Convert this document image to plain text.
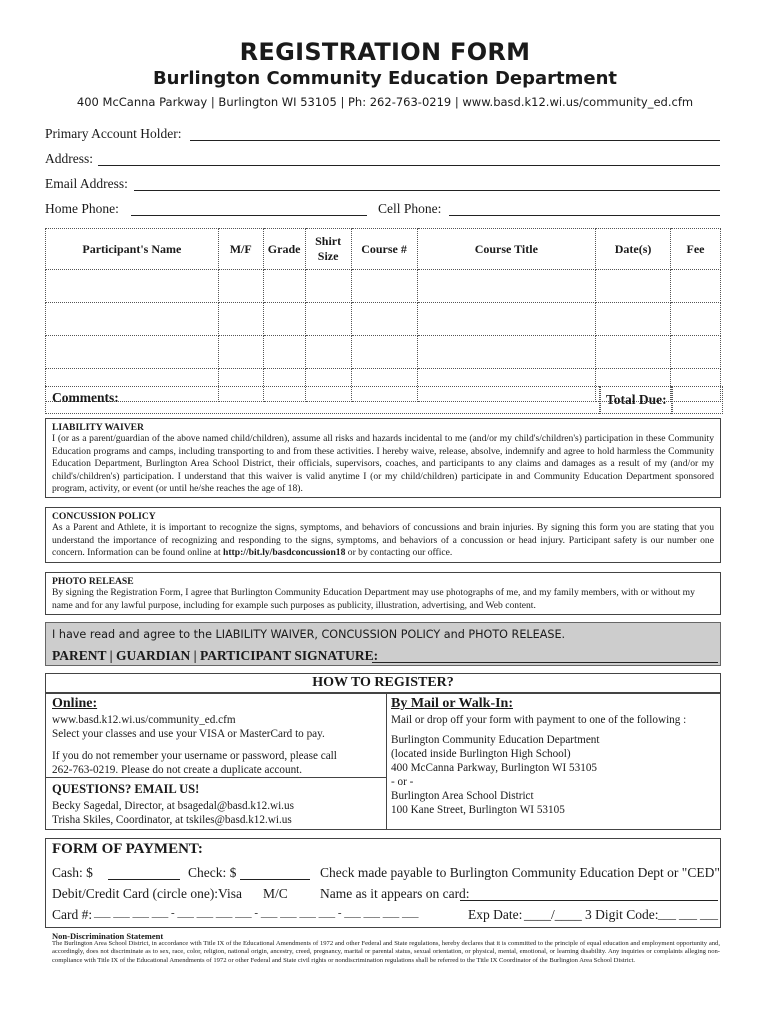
REGISTRATION FORM
Burlington Community Education Department
400 McCanna Parkway | Burlington WI 53105 | Ph: 262-763-0219 | www.basd.k12.wi.us/community_ed.cfm
Primary Account Holder:
Address:
Email Address:
Home Phone:	Cell Phone:
Participant's Name	M/F	Grade	Shirt Size	Course #	Course Title	Date(s)	Fee

Comments:	Total Due:
LIABILITY WAIVER
I (or as a parent/guardian of the above named child/children), assume all risks and hazards incidental to me (and/or my child's/children's) participation in these Community Education programs and camps, including transporting to and from these activities. I hereby waive, release, absolve, indemnify and agree to hold harmless the Community Education Department, Burlington Area School District, their officials, supervisors, coaches, and participants to any claims and damages as a result of my (and/or my child's/children's) participation. I understand that this waiver is valid anytime I (or my child/children) participate in and Community Education Department sponsored program, activity, or event (or until he/she reaches the age of 18).
CONCUSSION POLICY
As a Parent and Athlete, it is important to recognize the signs, symptoms, and behaviors of concussions and brain injuries. By signing this form you are stating that you understand the importance of recognizing and responding to the signs, symptoms, and behaviors of a concussion or head injury. Participant safety is our number one concern. Information can be found online at http://bit.ly/basdconcussion18 or by contacting our office.
PHOTO RELEASE
By signing the Registration Form, I agree that Burlington Community Education Department may use photographs of me, and my family members, with or without my name and for any lawful purpose, including for example such purposes as publicity, illustration, advertising, and Web content.
I have read and agree to the LIABILITY WAIVER, CONCUSSION POLICY and PHOTO RELEASE.
PARENT | GUARDIAN | PARTICIPANT SIGNATURE:
HOW TO REGISTER?
Online:
www.basd.k12.wi.us/community_ed.cfm
Select your classes and use your VISA or MasterCard to pay.
If you do not remember your username or password, please call
262-763-0219. Please do not create a duplicate account.
QUESTIONS? EMAIL US!
Becky Sagedal, Director, at bsagedal@basd.k12.wi.us
Trisha Skiles, Coordinator, at tskiles@basd.k12.wi.us
By Mail or Walk-In:
Mail or drop off your form with payment to one of the following :
Burlington Community Education Department
(located inside Burlington High School)
400 McCanna Parkway, Burlington WI 53105
- or -
Burlington Area School District
100 Kane Street, Burlington WI 53105
FORM OF PAYMENT:
Cash: $	Check: $	Check made payable to Burlington Community Education Dept or "CED"
Debit/Credit Card (circle one): Visa M/C Name as it appears on card:
Card #: ___ ___ ___ ___ - ___ ___ ___ ___ - ___ ___ ___ ___ - ___ ___ ___ ___	Exp Date: ____/____ 3 Digit Code: ___ ___ ___
Non-Discrimination Statement
The Burlington Area School District, in accordance with Title IX of the Educational Amendments of 1972 and other Federal and State regulations, hereby declares that it is committed to the principle of equal education and employment opportunity and, accordingly, does not discriminate as to sex, race, color, religion, national origin, ancestry, creed, pregnancy, marital or parental status, sexual orientation, or physical, mental, emotional, or learning disability. Any inquiries or complaints alleging non-compliance with Title IX of the Educational Amendments of 1972 or other Federal and State civil rights or nondiscrimination regulations shall be referred to the Title IX Coordinator of the Burlington Area School District.
